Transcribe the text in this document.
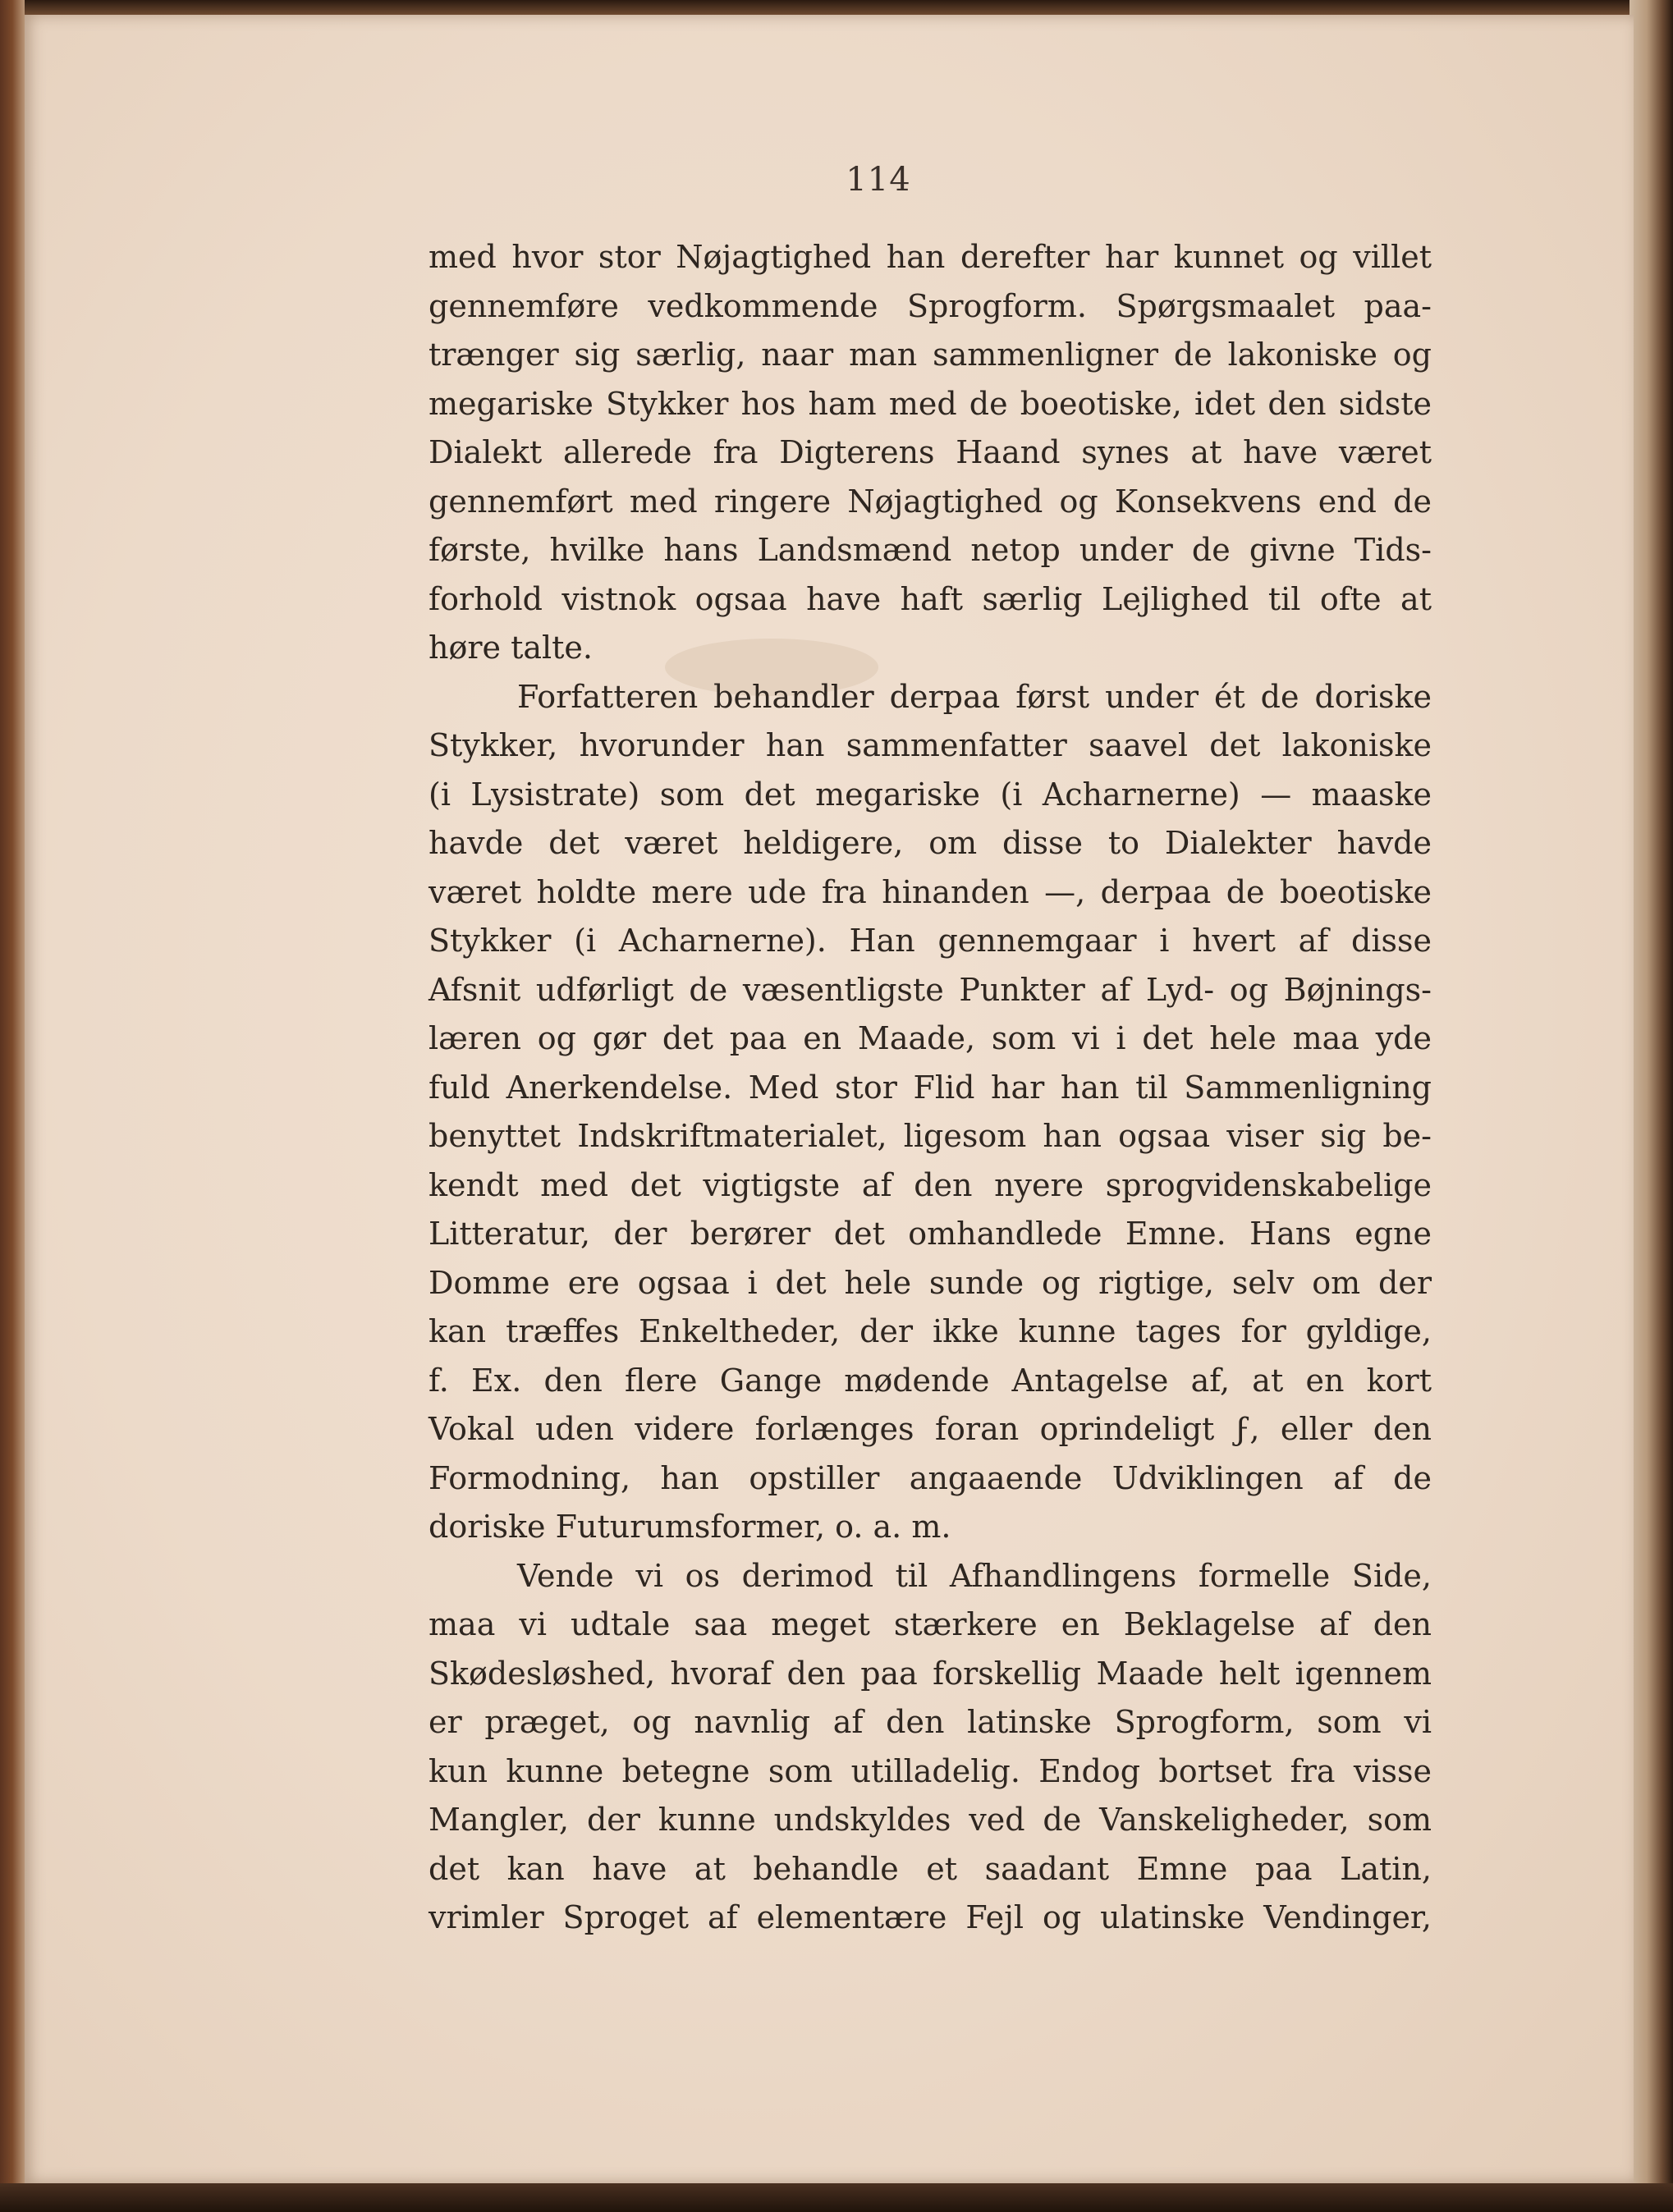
114

med hvor stor Nøjagtighed han derefter har kunnet og villet
gennemføre vedkommende Sprogform. Spørgsmaalet paa-
trænger sig særlig, naar man sammenligner de lakoniske og
megariske Stykker hos ham med de boeotiske, idet den sidste
Dialekt allerede fra Digterens Haand synes at have været
gennemført med ringere Nøjagtighed og Konsekvens end de
første, hvilke hans Landsmænd netop under de givne Tids-
forhold vistnok ogsaa have haft særlig Lejlighed til ofte at
høre talte.

Forfatteren behandler derpaa først under ét de doriske
Stykker, hvorunder han sammenfatter saavel det lakoniske
(i Lysistrate) som det megariske (i Acharnerne) — maaske
havde det været heldigere, om disse to Dialekter havde
været holdte mere ude fra hinanden —, derpaa de boeotiske
Stykker (i Acharnerne). Han gennemgaar i hvert af disse
Afsnit udførligt de væsentligste Punkter af Lyd- og Bøjnings-
læren og gør det paa en Maade, som vi i det hele maa yde
fuld Anerkendelse. Med stor Flid har han til Sammenligning
benyttet Indskriftmaterialet, ligesom han ogsaa viser sig be-
kendt med det vigtigste af den nyere sprogvidenskabelige
Litteratur, der berører det omhandlede Emne. Hans egne
Domme ere ogsaa i det hele sunde og rigtige, selv om der
kan træffes Enkeltheder, der ikke kunne tages for gyldige,
f. Ex. den flere Gange mødende Antagelse af, at en kort
Vokal uden videre forlænges foran oprindeligt ϝ, eller den
Formodning, han opstiller angaaende Udviklingen af de
doriske Futurumsformer, o. a. m.

Vende vi os derimod til Afhandlingens formelle Side,
maa vi udtale saa meget stærkere en Beklagelse af den
Skødesløshed, hvoraf den paa forskellig Maade helt igennem
er præget, og navnlig af den latinske Sprogform, som vi
kun kunne betegne som utilladelig. Endog bortset fra visse
Mangler, der kunne undskyldes ved de Vanskeligheder, som
det kan have at behandle et saadant Emne paa Latin,
vrimler Sproget af elementære Fejl og ulatinske Vendinger,
